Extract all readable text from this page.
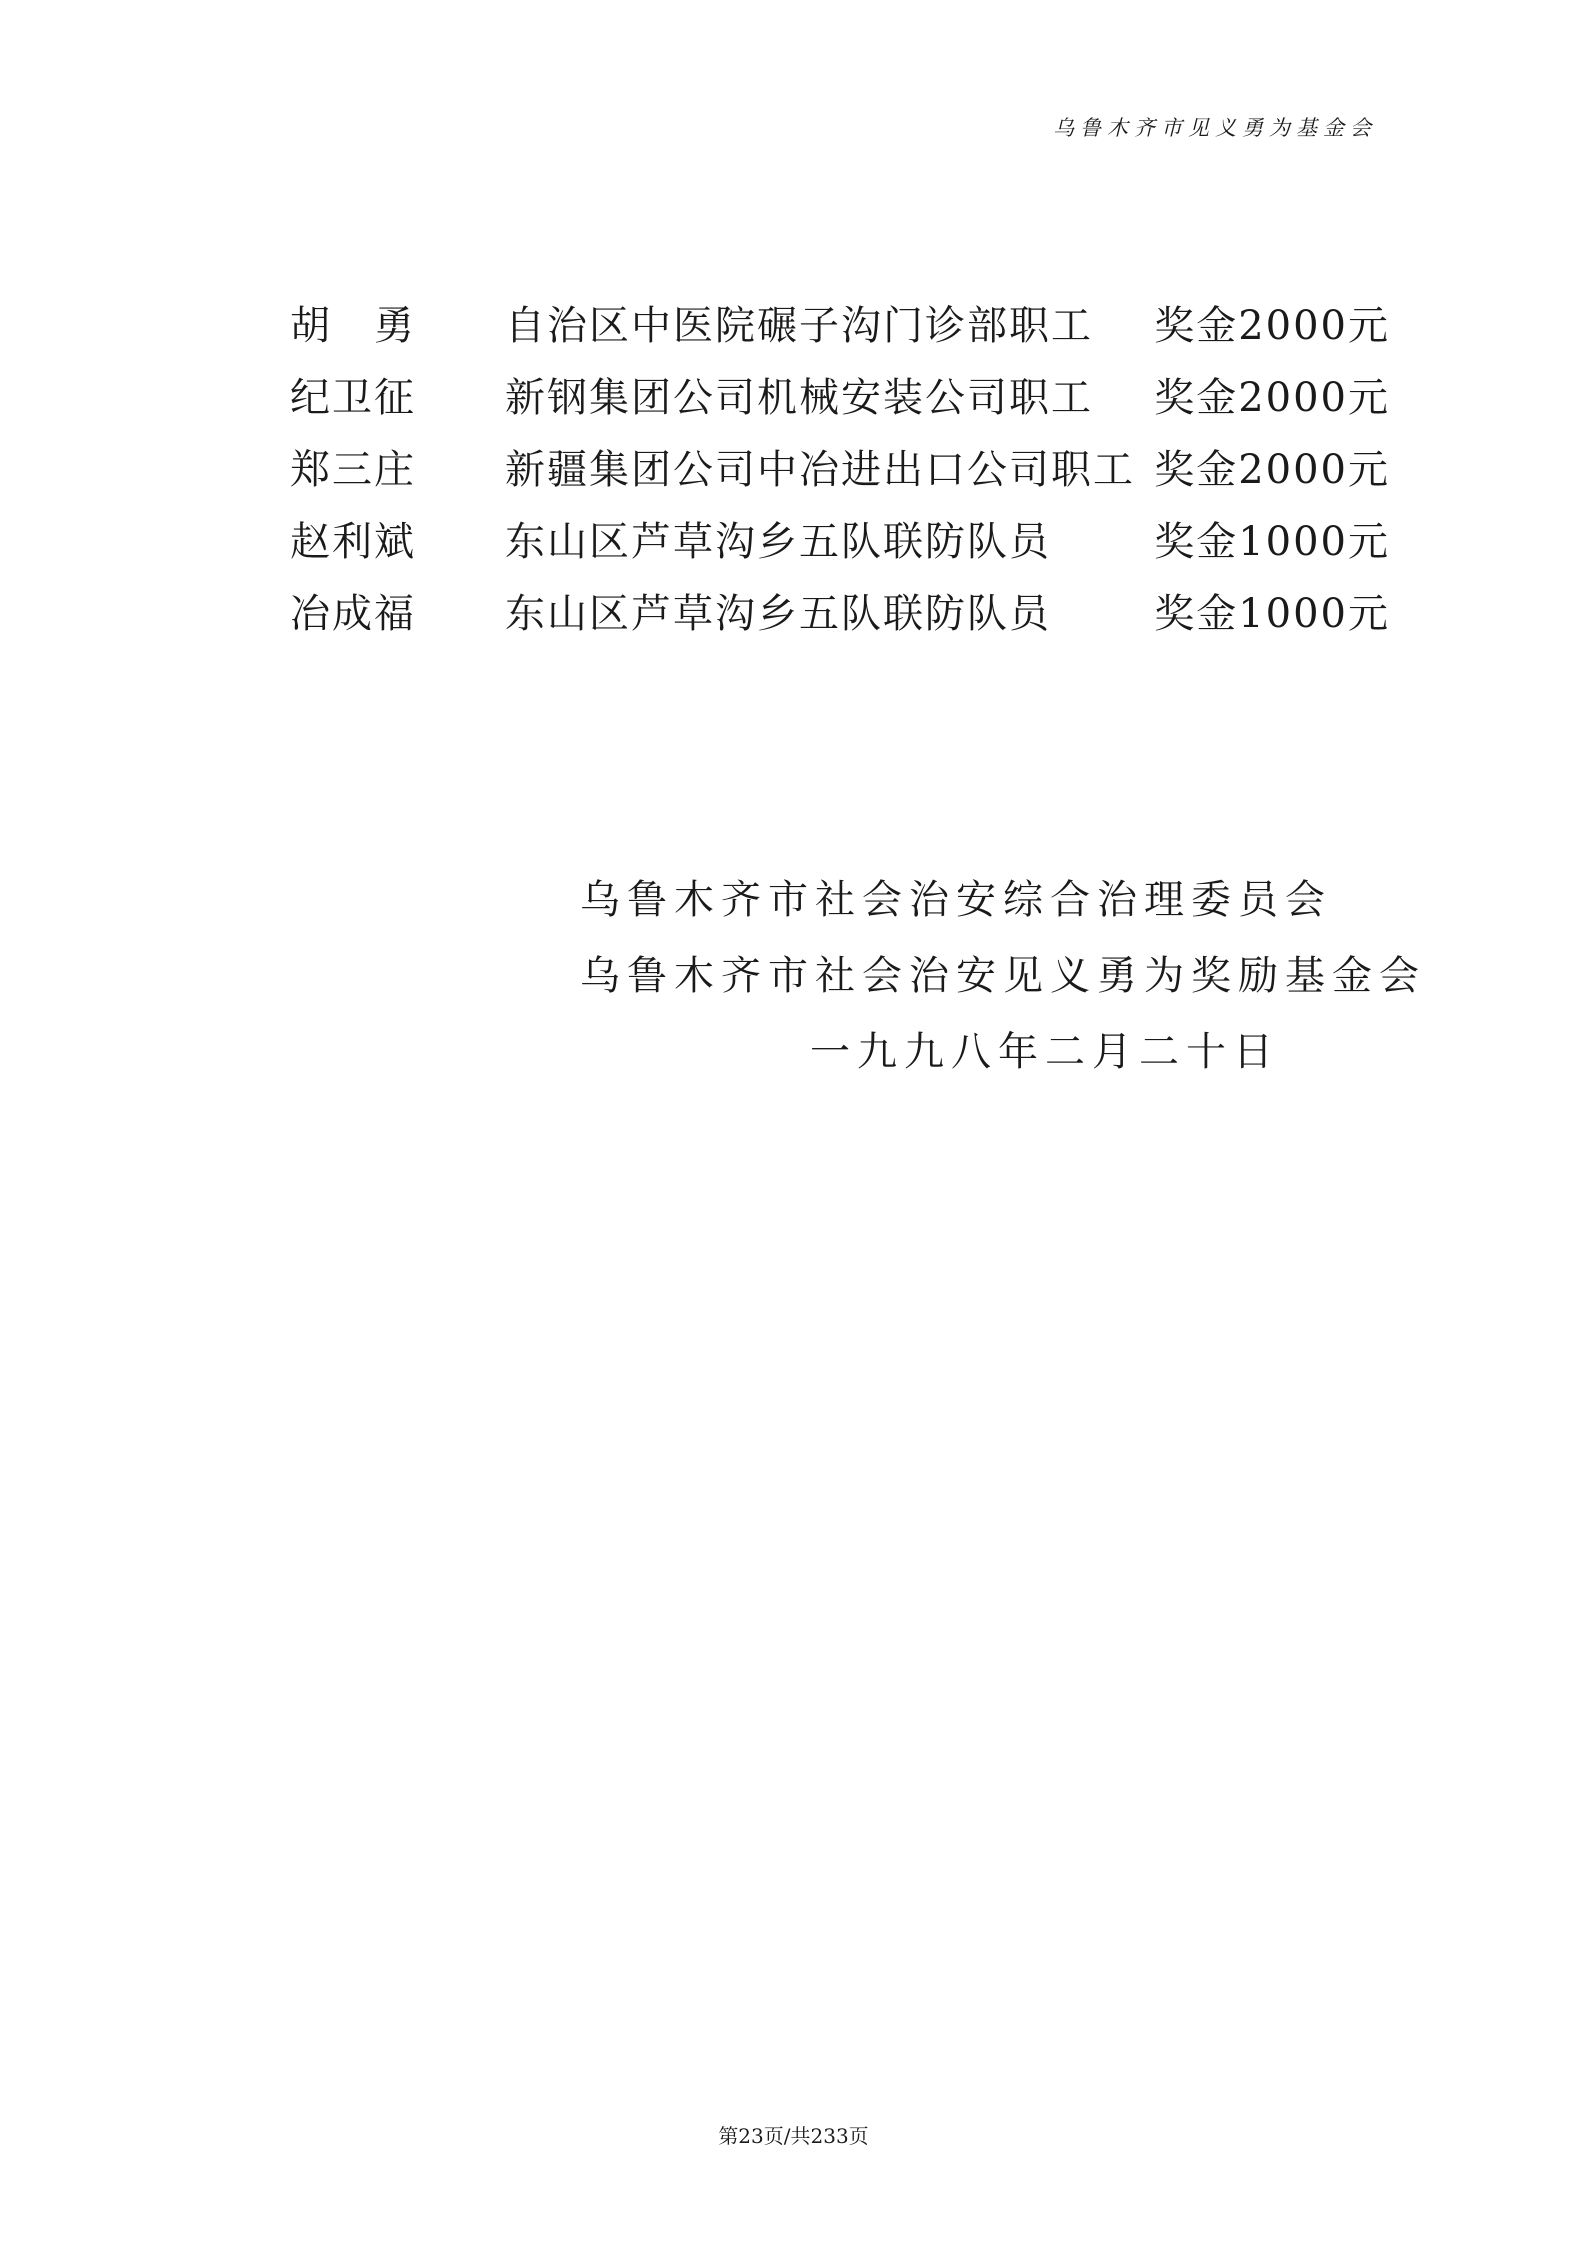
乌鲁木齐市见义勇为基金会
胡　勇	自治区中医院碾子沟门诊部职工 奖金2000元
纪卫征	新钢集团公司机械安装公司职工 奖金2000元
郑三庄	新疆集团公司中冶进出口公司职工 奖金2000元
赵利斌	东山区芦草沟乡五队联防队员	奖金1000元
冶成福	东山区芦草沟乡五队联防队员	奖金1000元
乌鲁木齐市社会治安综合治理委员会
乌鲁木齐市社会治安见义勇为奖励基金会
一九九八年二月二十日
第23页/共233页
